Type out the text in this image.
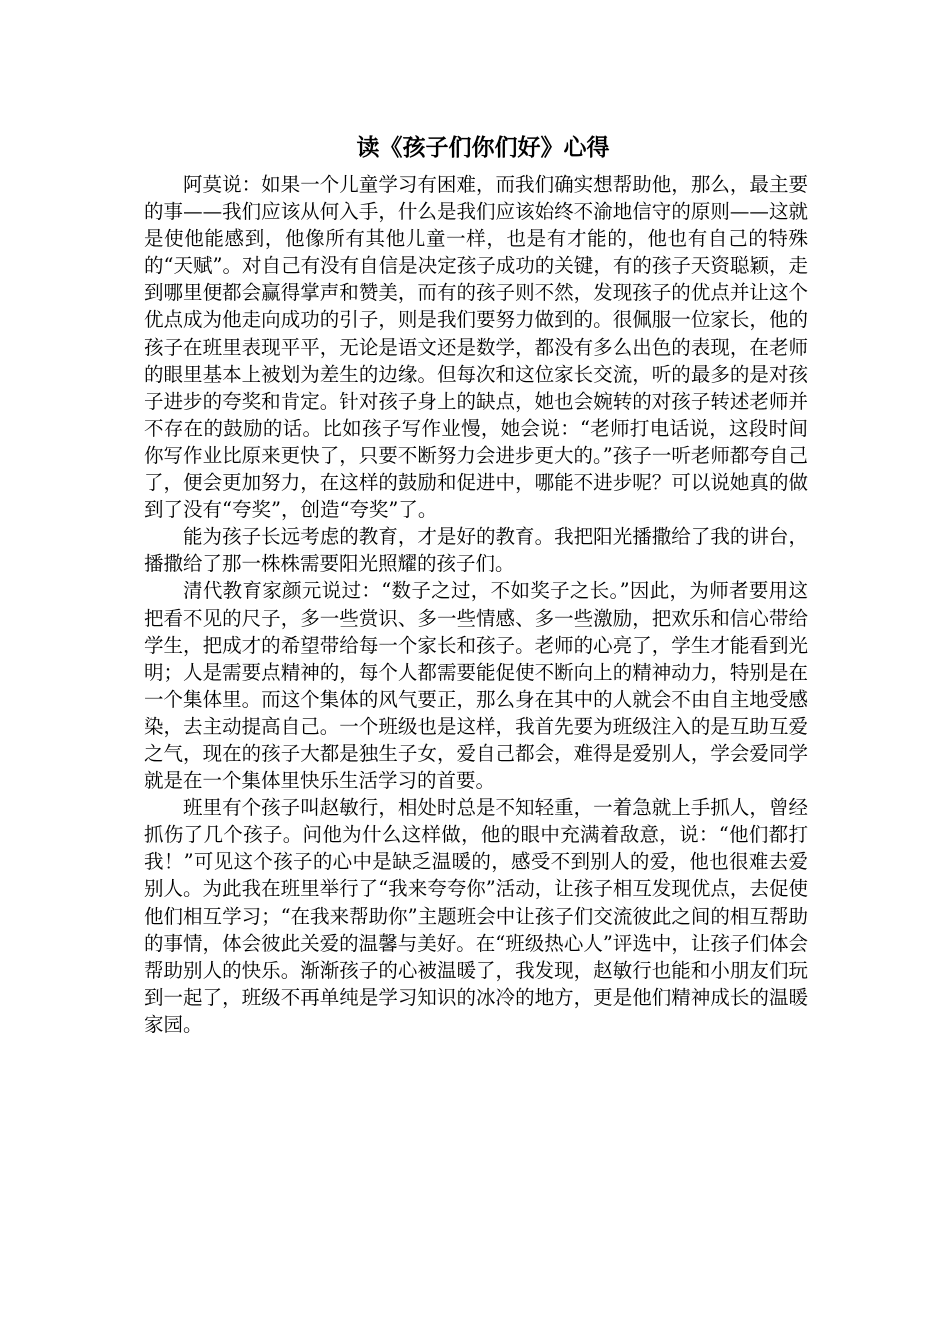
读《孩子们你们好》心得

阿莫说：如果一个儿童学习有困难，而我们确实想帮助他，那么，最主要的事——我们应该从何入手，什么是我们应该始终不渝地信守的原则——这就是使他能感到，他像所有其他儿童一样，也是有才能的，他也有自己的特殊的“天赋”。对自己有没有自信是决定孩子成功的关键，有的孩子天资聪颖，走到哪里便都会赢得掌声和赞美，而有的孩子则不然，发现孩子的优点并让这个优点成为他走向成功的引子，则是我们要努力做到的。很佩服一位家长，他的孩子在班里表现平平，无论是语文还是数学，都没有多么出色的表现，在老师的眼里基本上被划为差生的边缘。但每次和这位家长交流，听的最多的是对孩子进步的夸奖和肯定。针对孩子身上的缺点，她也会婉转的对孩子转述老师并不存在的鼓励的话。比如孩子写作业慢，她会说：“老师打电话说，这段时间你写作业比原来更快了，只要不断努力会进步更大的。”孩子一听老师都夸自己了，便会更加努力，在这样的鼓励和促进中，哪能不进步呢？可以说她真的做到了没有“夸奖”，创造“夸奖”了。

能为孩子长远考虑的教育，才是好的教育。我把阳光播撒给了我的讲台，播撒给了那一株株需要阳光照耀的孩子们。

清代教育家颜元说过：“数子之过，不如奖子之长。”因此，为师者要用这把看不见的尺子，多一些赏识、多一些情感、多一些激励，把欢乐和信心带给学生，把成才的希望带给每一个家长和孩子。老师的心亮了，学生才能看到光明；人是需要点精神的，每个人都需要能促使不断向上的精神动力，特别是在一个集体里。而这个集体的风气要正，那么身在其中的人就会不由自主地受感染，去主动提高自己。一个班级也是这样，我首先要为班级注入的是互助互爱之气，现在的孩子大都是独生子女，爱自己都会，难得是爱别人，学会爱同学就是在一个集体里快乐生活学习的首要。

班里有个孩子叫赵敏行，相处时总是不知轻重，一着急就上手抓人，曾经抓伤了几个孩子。问他为什么这样做，他的眼中充满着敌意，说：“他们都打我！”可见这个孩子的心中是缺乏温暖的，感受不到别人的爱，他也很难去爱别人。为此我在班里举行了“我来夸夸你”活动，让孩子相互发现优点，去促使他们相互学习；“在我来帮助你”主题班会中让孩子们交流彼此之间的相互帮助的事情，体会彼此关爱的温馨与美好。在“班级热心人”评选中，让孩子们体会帮助别人的快乐。渐渐孩子的心被温暖了，我发现，赵敏行也能和小朋友们玩到一起了，班级不再单纯是学习知识的冰冷的地方，更是他们精神成长的温暖家园。
